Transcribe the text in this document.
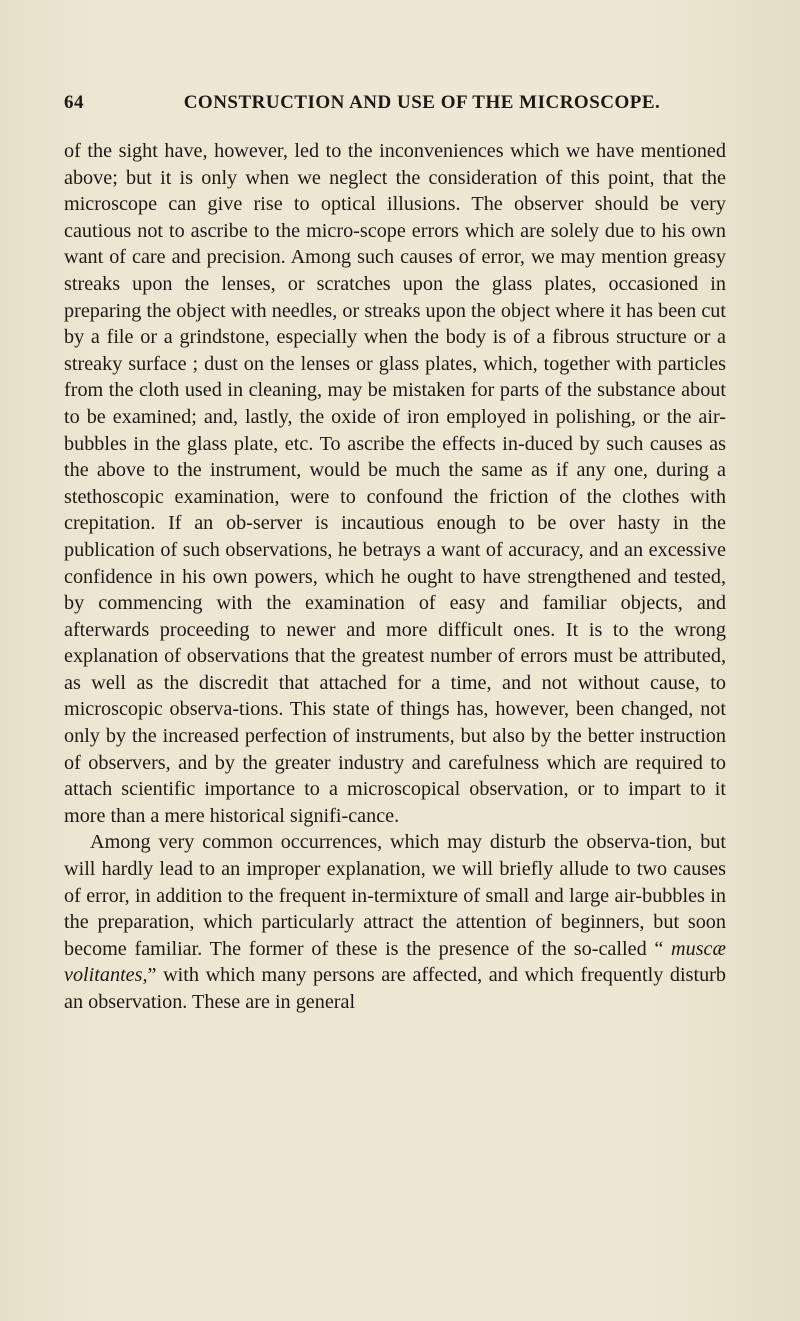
64	CONSTRUCTION AND USE OF THE MICROSCOPE.

of the sight have, however, led to the inconveniences which we have mentioned above; but it is only when we neglect the consideration of this point, that the microscope can give rise to optical illusions. The observer should be very cautious not to ascribe to the micro-scope errors which are solely due to his own want of care and precision. Among such causes of error, we may mention greasy streaks upon the lenses, or scratches upon the glass plates, occasioned in preparing the object with needles, or streaks upon the object where it has been cut by a file or a grindstone, especially when the body is of a fibrous structure or a streaky surface ; dust on the lenses or glass plates, which, together with particles from the cloth used in cleaning, may be mistaken for parts of the substance about to be examined; and, lastly, the oxide of iron employed in polishing, or the air-bubbles in the glass plate, etc. To ascribe the effects in-duced by such causes as the above to the instrument, would be much the same as if any one, during a stethoscopic examination, were to confound the friction of the clothes with crepitation. If an ob-server is incautious enough to be over hasty in the publication of such observations, he betrays a want of accuracy, and an excessive confidence in his own powers, which he ought to have strengthened and tested, by commencing with the examination of easy and familiar objects, and afterwards proceeding to newer and more difficult ones. It is to the wrong explanation of observations that the greatest number of errors must be attributed, as well as the discredit that attached for a time, and not without cause, to microscopic observa-tions. This state of things has, however, been changed, not only by the increased perfection of instruments, but also by the better instruction of observers, and by the greater industry and carefulness which are required to attach scientific importance to a microscopical observation, or to impart to it more than a mere historical signifi-cance.

Among very common occurrences, which may disturb the observa-tion, but will hardly lead to an improper explanation, we will briefly allude to two causes of error, in addition to the frequent in-termixture of small and large air-bubbles in the preparation, which particularly attract the attention of beginners, but soon become familiar. The former of these is the presence of the so-called “ muscæ volitantes,” with which many persons are affected, and which frequently disturb an observation. These are in general
